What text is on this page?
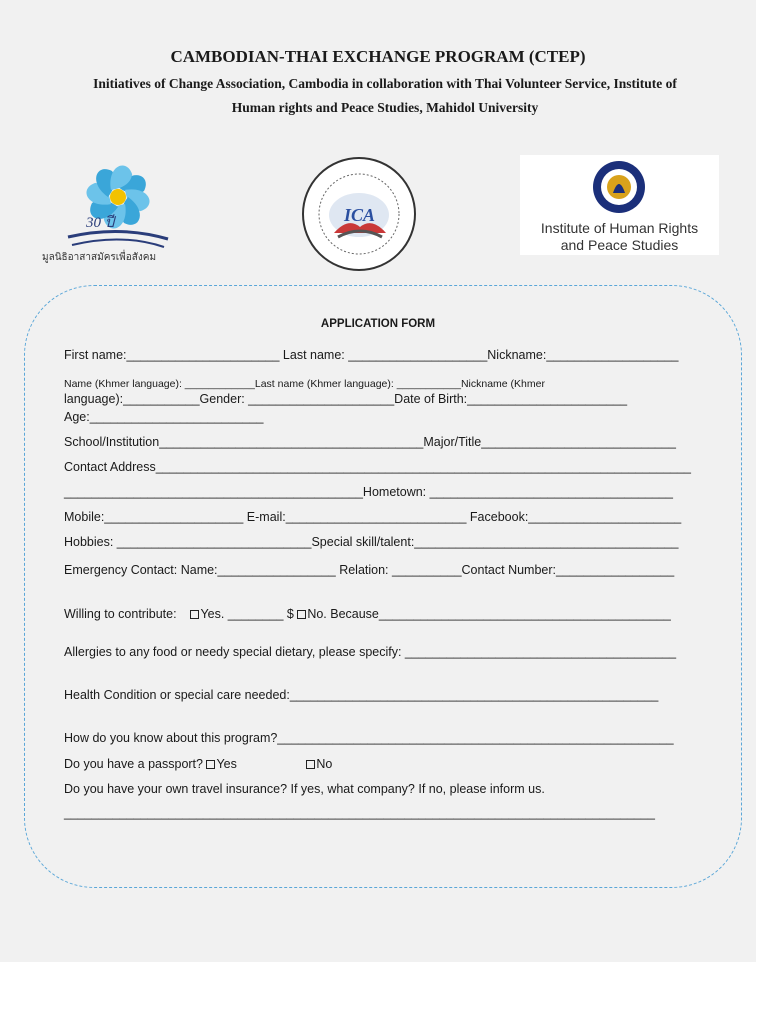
CAMBODIAN-THAI EXCHANGE PROGRAM (CTEP)
Initiatives of Change Association, Cambodia in collaboration with Thai Volunteer Service, Institute of
Human rights and Peace Studies, Mahidol University
30 ปี
มูลนิธิอาสาสมัครเพื่อสังคม
ICA
Institute of Human Rights
and Peace Studies
APPLICATION FORM
First name:______________________ Last name: ____________________Nickname:___________________
Name (Khmer language): ____________Last name (Khmer language): ___________Nickname (Khmer
language):___________Gender: _____________________Date of Birth:_______________________
Age:_________________________
School/Institution______________________________________Major/Title____________________________
Contact Address_____________________________________________________________________________
___________________________________________Hometown: ___________________________________
Mobile:____________________ E-mail:__________________________ Facebook:______________________
Hobbies: ____________________________Special skill/talent:______________________________________
Emergency Contact: Name:_________________ Relation: __________Contact Number:_________________
Willing to contribute:    Yes. ________ $ No. Because__________________________________________
Allergies to any food or needy special dietary, please specify: _______________________________________
Health Condition or special care needed:_____________________________________________________
How do you know about this program?_________________________________________________________
Do you have a passport? Yes                    No
Do you have your own travel insurance? If yes, what company? If no, please inform us.
_____________________________________________________________________________________
